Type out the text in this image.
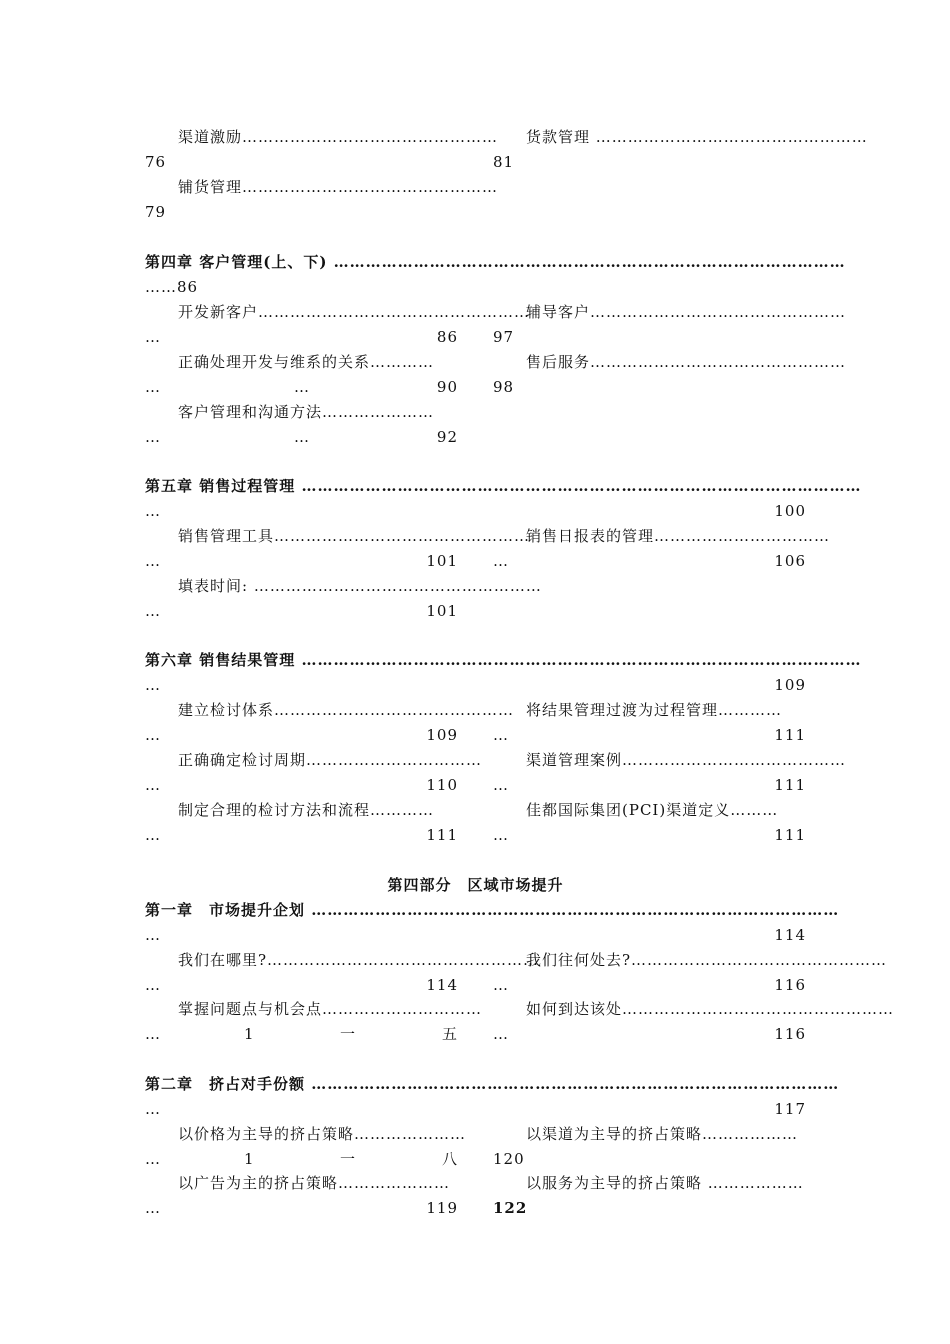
渠道激励…………………………………………
76
铺货管理…………………………………………
79
货款管理 ……………………………………………
81
第四章 客户管理(上、下) ……………………………………………………………………………………
……86
开发新客户……………………………………………
…	86
正确处理开发与维系的关系…………
…	…	90
客户管理和沟通方法…………………
…	…	92
辅导客户…………………………………………
97
售后服务…………………………………………
98
第五章 销售过程管理 ……………………………………………………………………………………………
…	100
销售管理工具…………………………………………
…	101
填表时间: ………………………………………………
…	101
销售日报表的管理……………………………
…	106
第六章 销售结果管理 ……………………………………………………………………………………………
…	109
建立检讨体系………………………………………
…	109
正确确定检讨周期……………………………
…	110
制定合理的检讨方法和流程…………
…	111
将结果管理过渡为过程管理…………
…	111
渠道管理案例……………………………………
…	111
佳都国际集团(PCI)渠道定义………
…	111
第四部分　区域市场提升
第一章　市场提升企划 ………………………………………………………………………………………
…	114
我们在哪里?……………………………………………
…	114
掌握问题点与机会点…………………………
…	1	一	五
我们往何处去?…………………………………………
…	116
如何到达该处……………………………………………
…	116
第二章　挤占对手份额 ………………………………………………………………………………………
…	117
以价格为主导的挤占策略…………………
…	1	一	八
以广告为主的挤占策略…………………
…	119
以渠道为主导的挤占策略………………
120
以服务为主导的挤占策略 ………………
122
